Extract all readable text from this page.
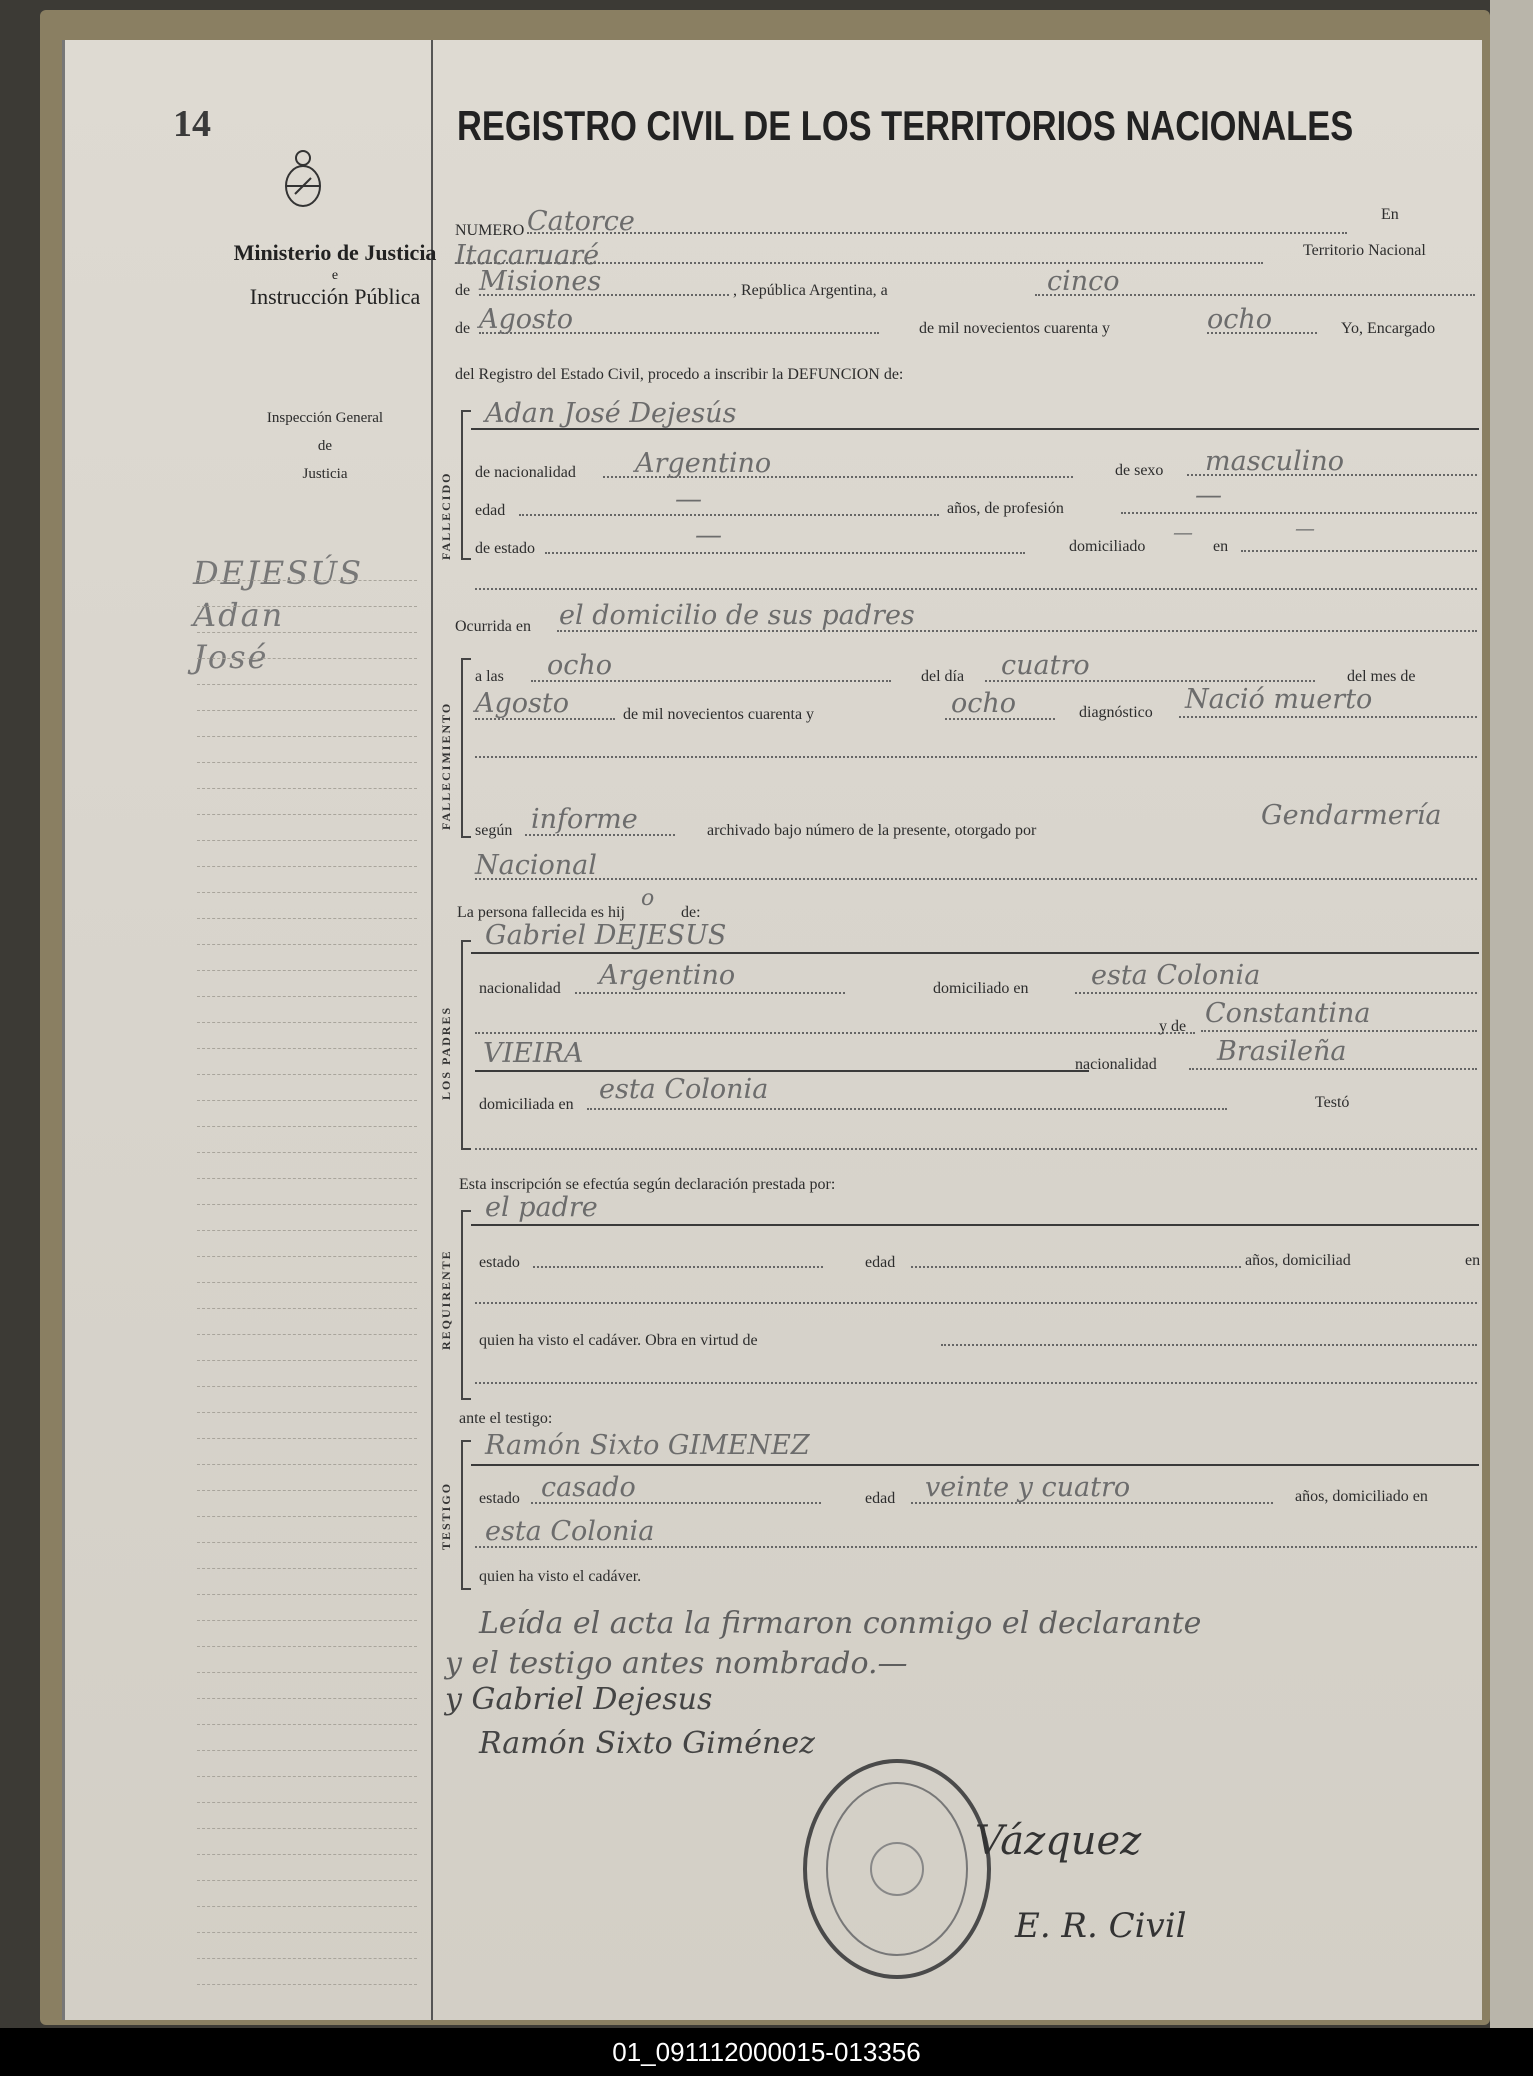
14
Ministerio de Justicia
e
Instrucción Pública
Inspección General
de
Justicia
DEJESÚS
Adan
José
REGISTRO CIVIL DE LOS TERRITORIOS NACIONALES
NUMERO Catorce	En
Itacaruaré	Territorio Nacional
de Misiones	, República Argentina, a	cinco
de Agosto	de mil novecientos cuarenta y	ocho	Yo, Encargado
del Registro del Estado Civil, procedo a inscribir la DEFUNCION de:
FALLECIDO
Adan José Dejesús
de nacionalidad Argentino	de sexo masculino
edad	—	años, de profesión	—
de estado	—	domiciliado
—
en
—
Ocurrida en el domicilio de sus padres
FALLECIMIENTO
a las ocho	del día cuatro	del mes de
Agosto	de mil novecientos cuarenta y	ocho	diagnóstico Nació muerto
según informe	archivado bajo número de la presente, otorgado por	Gendarmería
Nacional
La persona fallecida es hij
o
de:
LOS PADRES
Gabriel DEJESUS
nacionalidad Argentino	domiciliado en esta Colonia
y de Constantina
VIEIRA	nacionalidad Brasileña
domiciliada en esta Colonia	Testó
Esta inscripción se efectúa según declaración prestada por:
REQUIRENTE
el padre
estado	edad	años, domiciliad	en
quien ha visto el cadáver. Obra en virtud de
ante el testigo:
TESTIGO
Ramón Sixto GIMENEZ
estado casado	edad veinte y cuatro	años, domiciliado en
esta Colonia
quien ha visto el cadáver.
Leída el acta la firmaron conmigo el declarante
y el testigo antes nombrado.—
y Gabriel Dejesus
Ramón Sixto Giménez
Vázquez
E. R. Civil
01_091112000015-013356
